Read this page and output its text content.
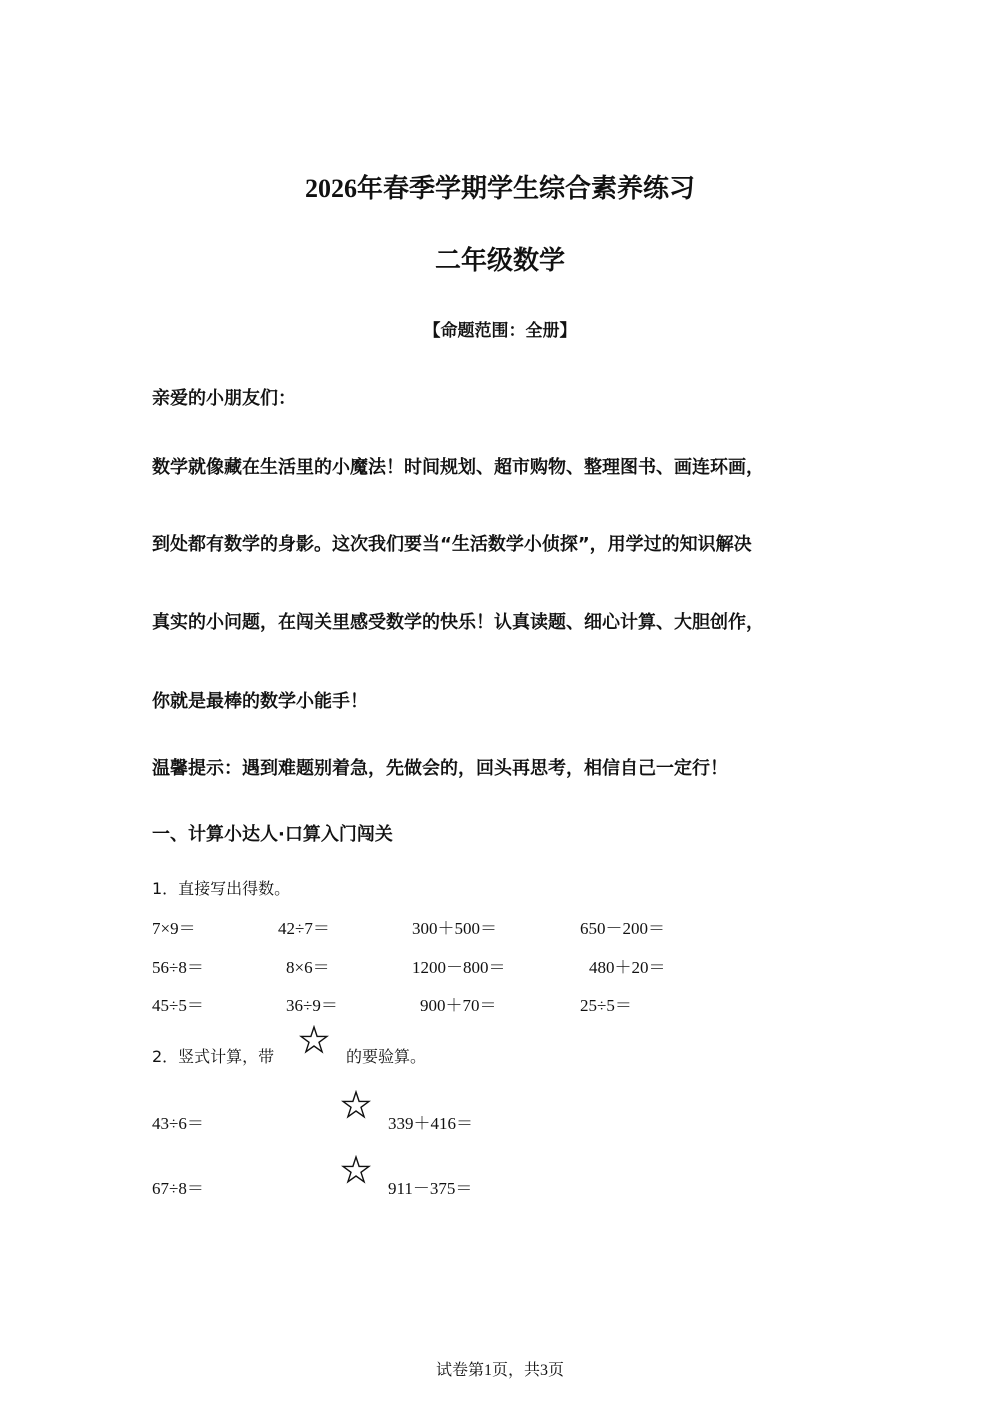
2026年春季学期学生综合素养练习
二年级数学
【命题范围：全册】
亲爱的小朋友们：
数学就像藏在生活里的小魔法！时间规划、超市购物、整理图书、画连环画，
到处都有数学的身影。这次我们要当“生活数学小侦探”，用学过的知识解决
真实的小问题，在闯关里感受数学的快乐！认真读题、细心计算、大胆创作，
你就是最棒的数学小能手！
温馨提示：遇到难题别着急，先做会的，回头再思考，相信自己一定行！
一、计算小达人·口算入门闯关
1．直接写出得数。
7×9＝	42÷7＝	300＋500＝	650－200＝
56÷8＝	8×6＝	1200－800＝	480＋20＝
45÷5＝	36÷9＝	900＋70＝	25÷5＝
2．竖式计算，带	的要验算。
43÷6＝	339＋416＝
67÷8＝	911－375＝
试卷第1页，共3页
